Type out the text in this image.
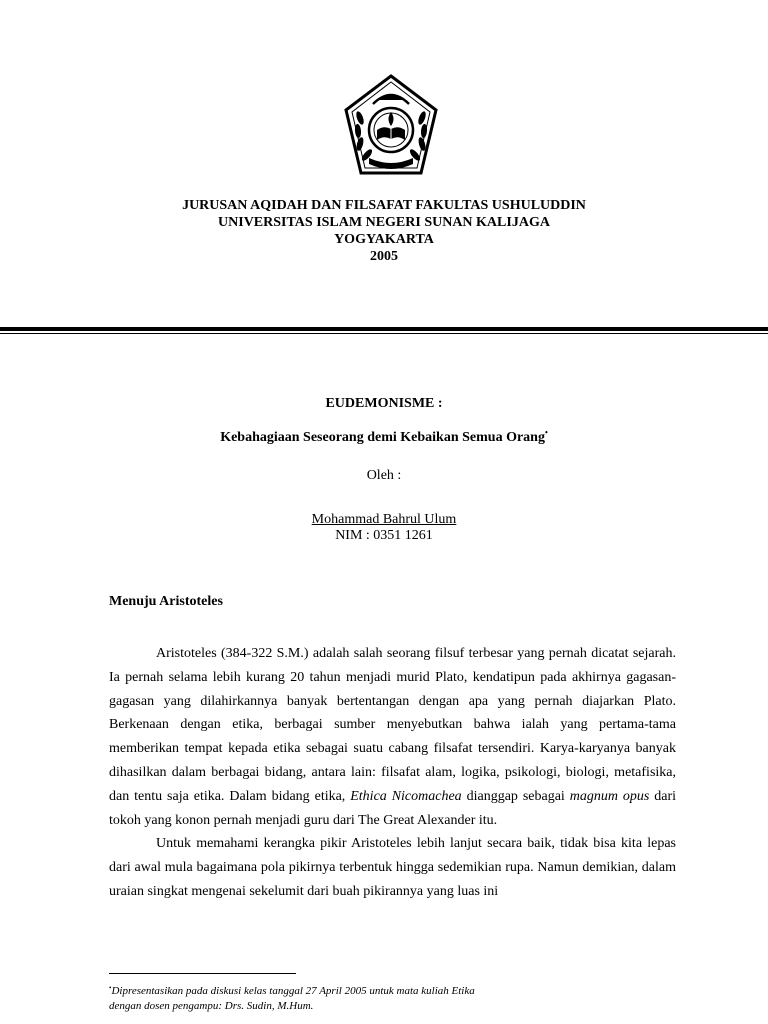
JURUSAN AQIDAH DAN FILSAFAT FAKULTAS USHULUDDIN
UNIVERSITAS ISLAM NEGERI SUNAN KALIJAGA
YOGYAKARTA
2005
EUDEMONISME :
Kebahagiaan Seseorang demi Kebaikan Semua Orang•
Oleh :
Mohammad Bahrul Ulum
NIM : 0351 1261
Menuju Aristoteles

Aristoteles (384-322 S.M.) adalah salah seorang filsuf terbesar yang pernah dicatat sejarah. Ia pernah selama lebih kurang 20 tahun menjadi murid Plato, kendatipun pada akhirnya gagasan-gagasan yang dilahirkannya banyak bertentangan dengan apa yang pernah diajarkan Plato. Berkenaan dengan etika, berbagai sumber menyebutkan bahwa ialah yang pertama-tama memberikan tempat kepada etika sebagai suatu cabang filsafat tersendiri. Karya-karyanya banyak dihasilkan dalam berbagai bidang, antara lain: filsafat alam, logika, psikologi, biologi, metafisika, dan tentu saja etika. Dalam bidang etika, Ethica Nicomachea dianggap sebagai magnum opus dari tokoh yang konon pernah menjadi guru dari The Great Alexander itu.

Untuk memahami kerangka pikir Aristoteles lebih lanjut secara baik, tidak bisa kita lepas dari awal mula bagaimana pola pikirnya terbentuk hingga sedemikian rupa. Namun demikian, dalam uraian singkat mengenai sekelumit dari buah pikirannya yang luas ini

•Dipresentasikan pada diskusi kelas tanggal 27 April 2005 untuk mata kuliah Etika
dengan dosen pengampu: Drs. Sudin, M.Hum.
